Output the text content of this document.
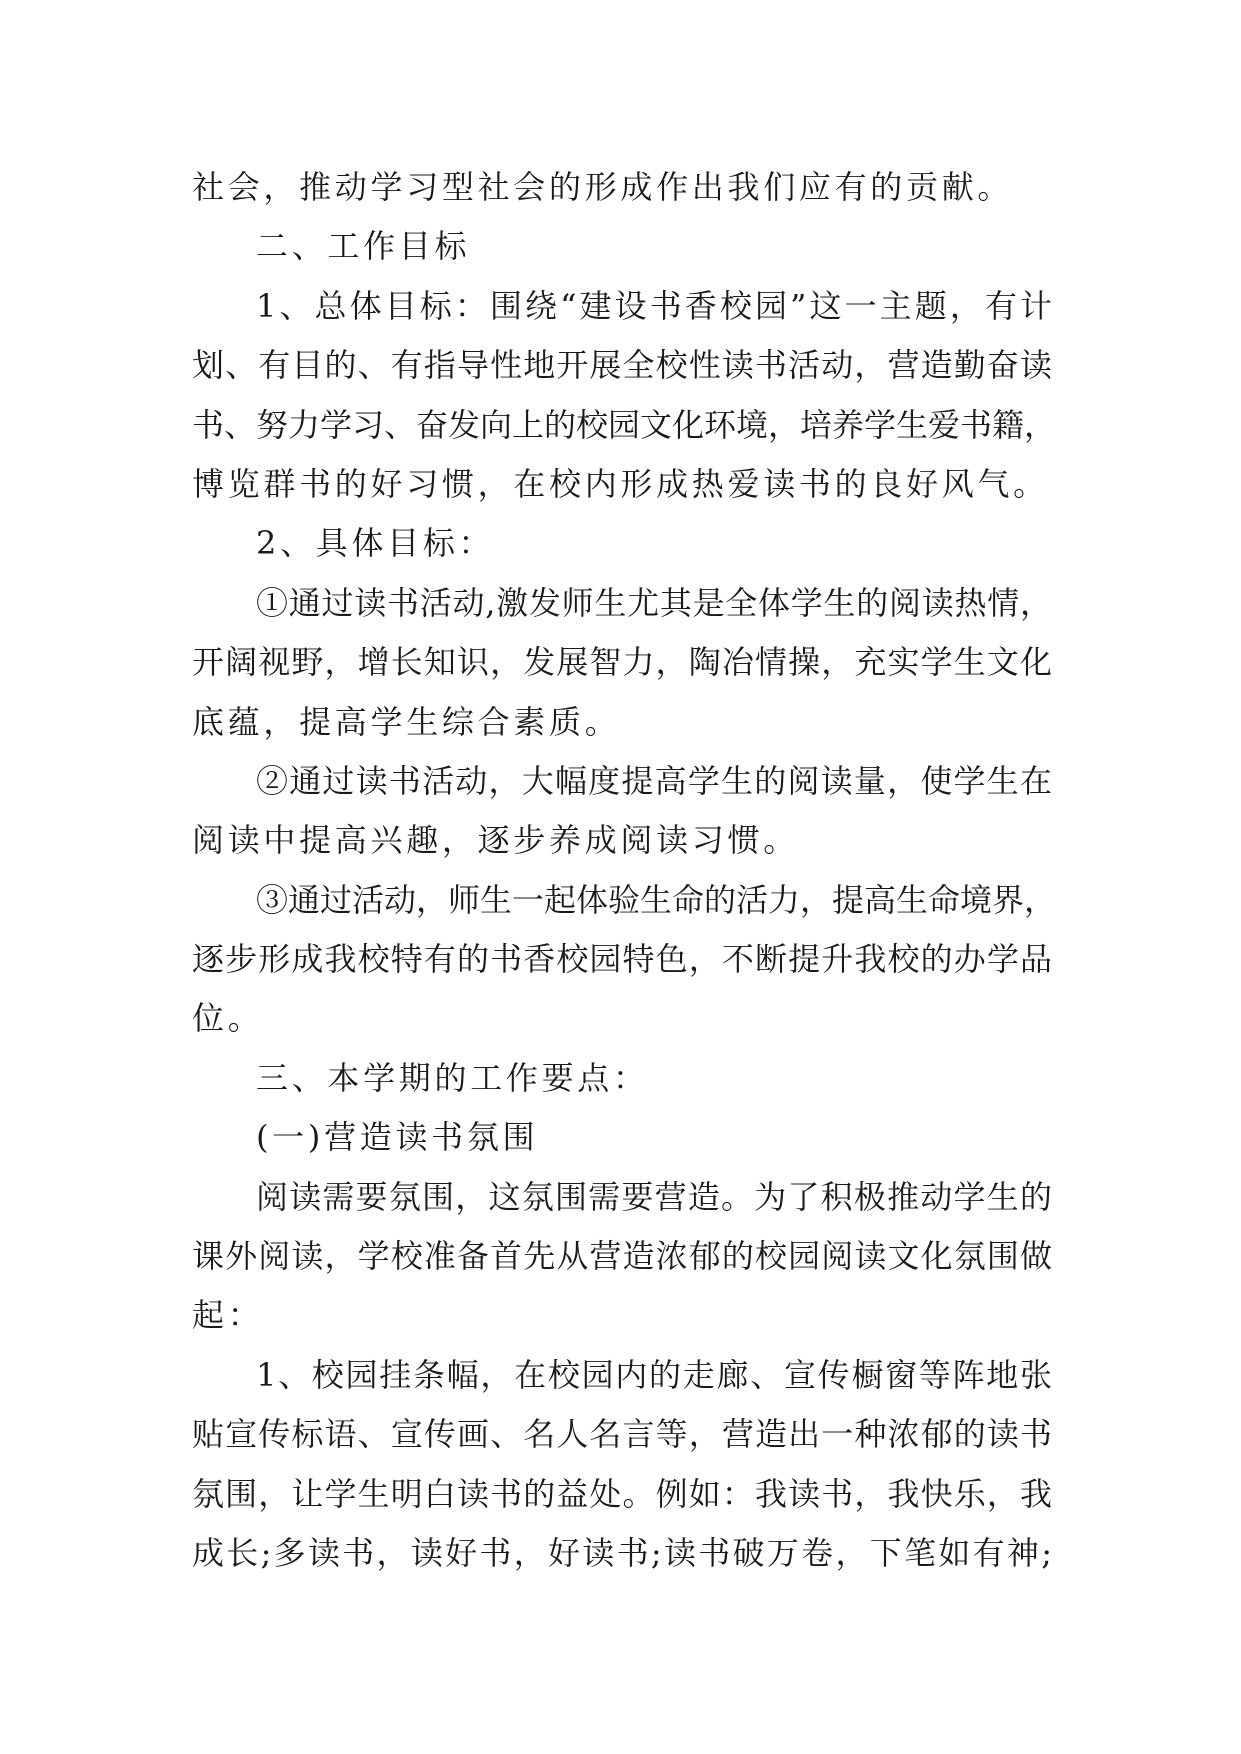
社会，推动学习型社会的形成作出我们应有的贡献。
二、工作目标
1、总体目标：围绕“建设书香校园”这一主题，有计
划、有目的、有指导性地开展全校性读书活动，营造勤奋读
书、努力学习、奋发向上的校园文化环境，培养学生爱书籍，
博览群书的好习惯，在校内形成热爱读书的良好风气。
2、具体目标：
①通过读书活动,激发师生尤其是全体学生的阅读热情，
开阔视野，增长知识，发展智力，陶冶情操，充实学生文化
底蕴，提高学生综合素质。
②通过读书活动，大幅度提高学生的阅读量，使学生在
阅读中提高兴趣，逐步养成阅读习惯。
③通过活动，师生一起体验生命的活力，提高生命境界，
逐步形成我校特有的书香校园特色，不断提升我校的办学品
位。
三、本学期的工作要点：
(一)营造读书氛围
阅读需要氛围，这氛围需要营造。为了积极推动学生的
课外阅读，学校准备首先从营造浓郁的校园阅读文化氛围做
起：
1、校园挂条幅，在校园内的走廊、宣传橱窗等阵地张
贴宣传标语、宣传画、名人名言等，营造出一种浓郁的读书
氛围，让学生明白读书的益处。例如：我读书，我快乐，我
成长;多读书，读好书，好读书;读书破万卷，下笔如有神;
